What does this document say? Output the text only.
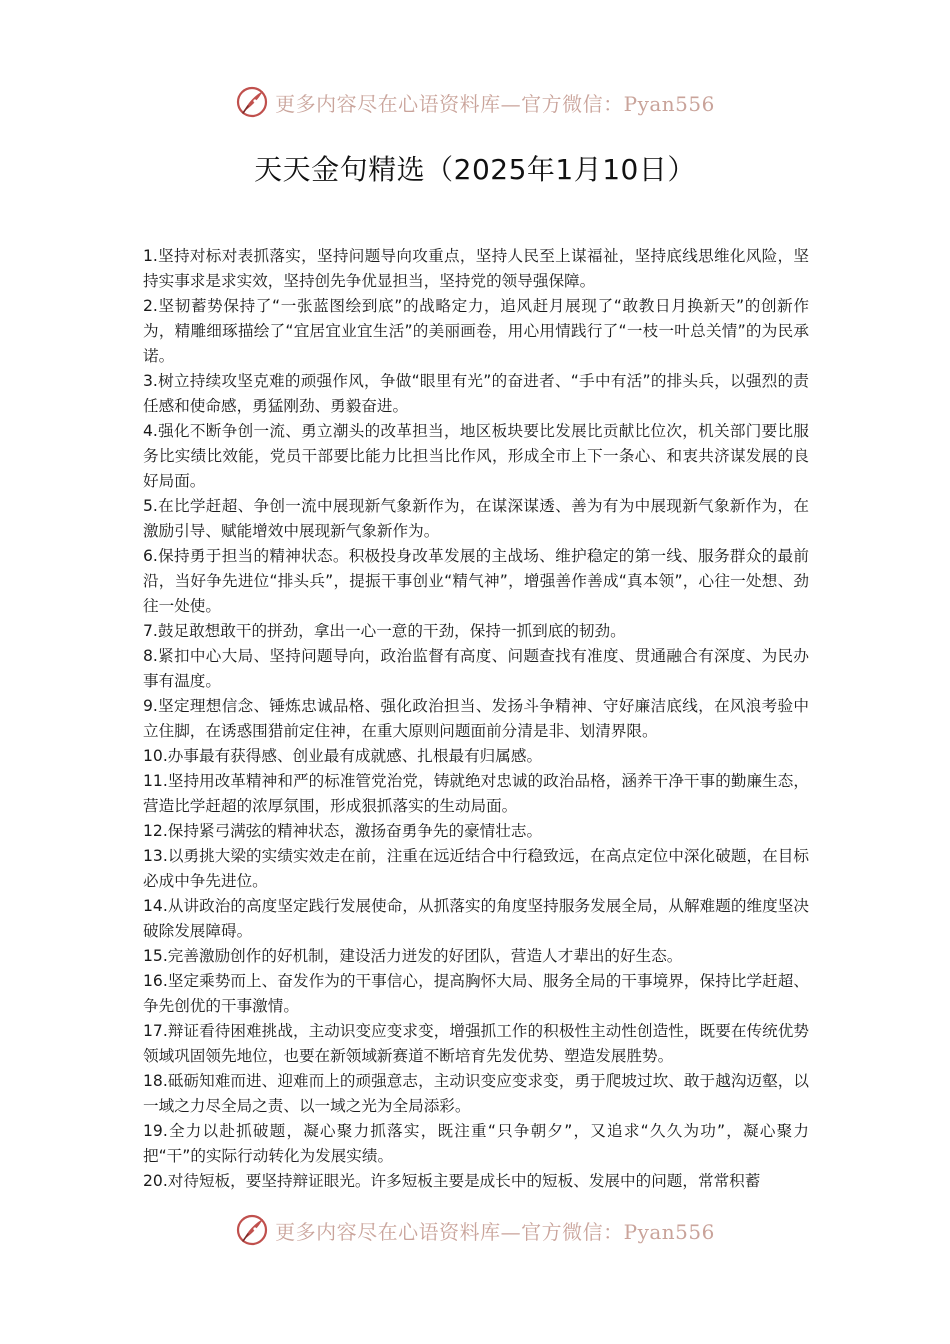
更多内容尽在心语资料库—官方微信：Pyan556
天天金句精选（2025年1月10日）

1.坚持对标对表抓落实，坚持问题导向攻重点，坚持人民至上谋福祉，坚持底线思维化风险，坚持实事求是求实效，坚持创先争优显担当，坚持党的领导强保障。

2.坚韧蓄势保持了“一张蓝图绘到底”的战略定力，追风赶月展现了“敢教日月换新天”的创新作为，精雕细琢描绘了“宜居宜业宜生活”的美丽画卷，用心用情践行了“一枝一叶总关情”的为民承诺。

3.树立持续攻坚克难的顽强作风，争做“眼里有光”的奋进者、“手中有活”的排头兵，以强烈的责任感和使命感，勇猛刚劲、勇毅奋进。

4.强化不断争创一流、勇立潮头的改革担当，地区板块要比发展比贡献比位次，机关部门要比服务比实绩比效能，党员干部要比能力比担当比作风，形成全市上下一条心、和衷共济谋发展的良好局面。

5.在比学赶超、争创一流中展现新气象新作为，在谋深谋透、善为有为中展现新气象新作为，在激励引导、赋能增效中展现新气象新作为。

6.保持勇于担当的精神状态。积极投身改革发展的主战场、维护稳定的第一线、服务群众的最前沿，当好争先进位“排头兵”，提振干事创业“精气神”，增强善作善成“真本领”，心往一处想、劲往一处使。

7.鼓足敢想敢干的拼劲，拿出一心一意的干劲，保持一抓到底的韧劲。

8.紧扣中心大局、坚持问题导向，政治监督有高度、问题查找有准度、贯通融合有深度、为民办事有温度。

9.坚定理想信念、锤炼忠诚品格、强化政治担当、发扬斗争精神、守好廉洁底线，在风浪考验中立住脚，在诱惑围猎前定住神，在重大原则问题面前分清是非、划清界限。

10.办事最有获得感、创业最有成就感、扎根最有归属感。

11.坚持用改革精神和严的标准管党治党，铸就绝对忠诚的政治品格，涵养干净干事的勤廉生态，营造比学赶超的浓厚氛围，形成狠抓落实的生动局面。

12.保持紧弓满弦的精神状态，激扬奋勇争先的豪情壮志。

13.以勇挑大梁的实绩实效走在前，注重在远近结合中行稳致远，在高点定位中深化破题，在目标必成中争先进位。

14.从讲政治的高度坚定践行发展使命，从抓落实的角度坚持服务发展全局，从解难题的维度坚决破除发展障碍。

15.完善激励创作的好机制，建设活力迸发的好团队，营造人才辈出的好生态。

16.坚定乘势而上、奋发作为的干事信心，提高胸怀大局、服务全局的干事境界，保持比学赶超、争先创优的干事激情。

17.辩证看待困难挑战，主动识变应变求变，增强抓工作的积极性主动性创造性，既要在传统优势领域巩固领先地位，也要在新领域新赛道不断培育先发优势、塑造发展胜势。

18.砥砺知难而进、迎难而上的顽强意志，主动识变应变求变，勇于爬坡过坎、敢于越沟迈壑，以一域之力尽全局之责、以一域之光为全局添彩。

19.全力以赴抓破题，凝心聚力抓落实，既注重“只争朝夕”，又追求“久久为功”，凝心聚力把“干”的实际行动转化为发展实绩。

20.对待短板，要坚持辩证眼光。许多短板主要是成长中的短板、发展中的问题，常常积蓄

更多内容尽在心语资料库—官方微信：Pyan556
